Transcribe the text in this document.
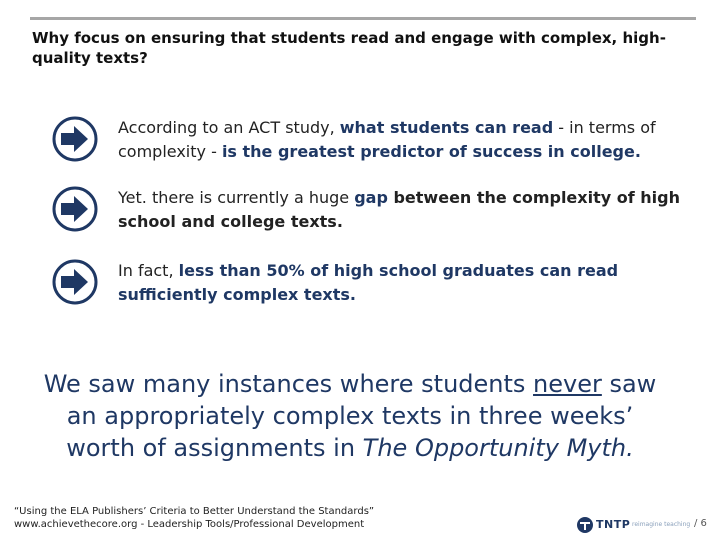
Why focus on ensuring that students read and engage with complex, high-quality texts?
According to an ACT study, what students can read - in terms of complexity - is the greatest predictor of success in college.
Yet. there is currently a huge gap between the complexity of high school and college texts.
In fact, less than 50% of high school graduates can read sufficiently complex texts.
We saw many instances where students never saw an appropriately complex texts in three weeks’ worth of assignments in The Opportunity Myth.
“Using the ELA Publishers’ Criteria to Better Understand the Standards”
www.achievethecore.org - Leadership Tools/Professional Development	TNTP reimagine teaching / 6
